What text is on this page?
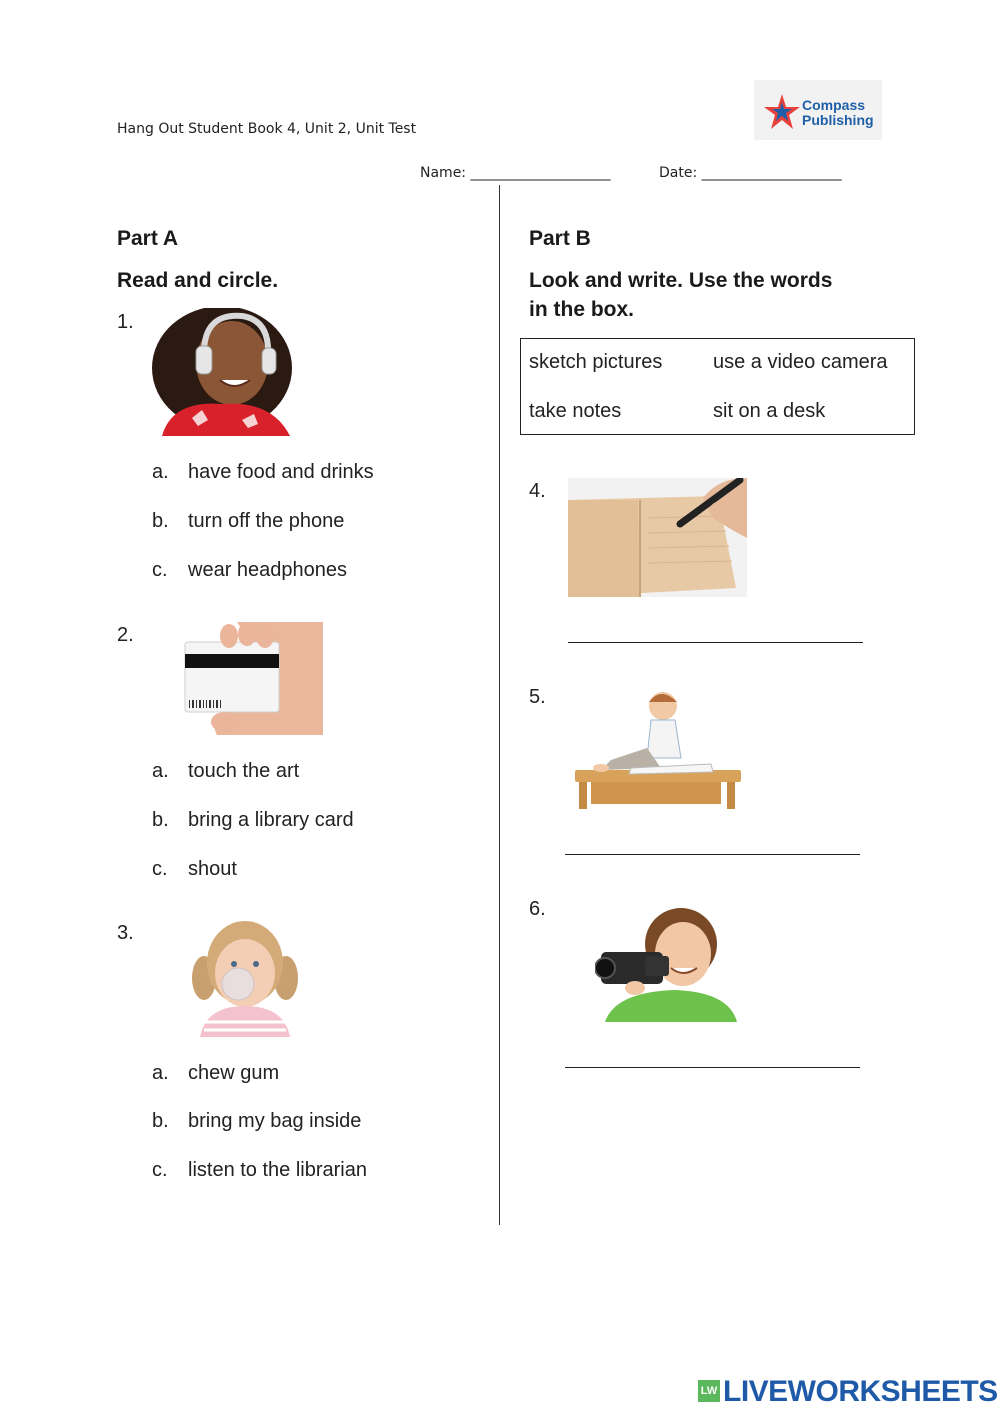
Hang Out Student Book 4, Unit 2, Unit Test
Compass
Publishing
Name: ____________________	Date: ____________________
Part A
Read and circle.
1.
a. have food and drinks
b. turn off the phone
c. wear headphones
2.
a. touch the art
b. bring a library card
c. shout
3.
a. chew gum
b. bring my bag inside
c. listen to the librarian
Part B
Look and write. Use the words
in the box.
sketch pictures	use a video camera
take notes	sit on a desk
4.
5.
6.
LW LIVEWORKSHEETS
